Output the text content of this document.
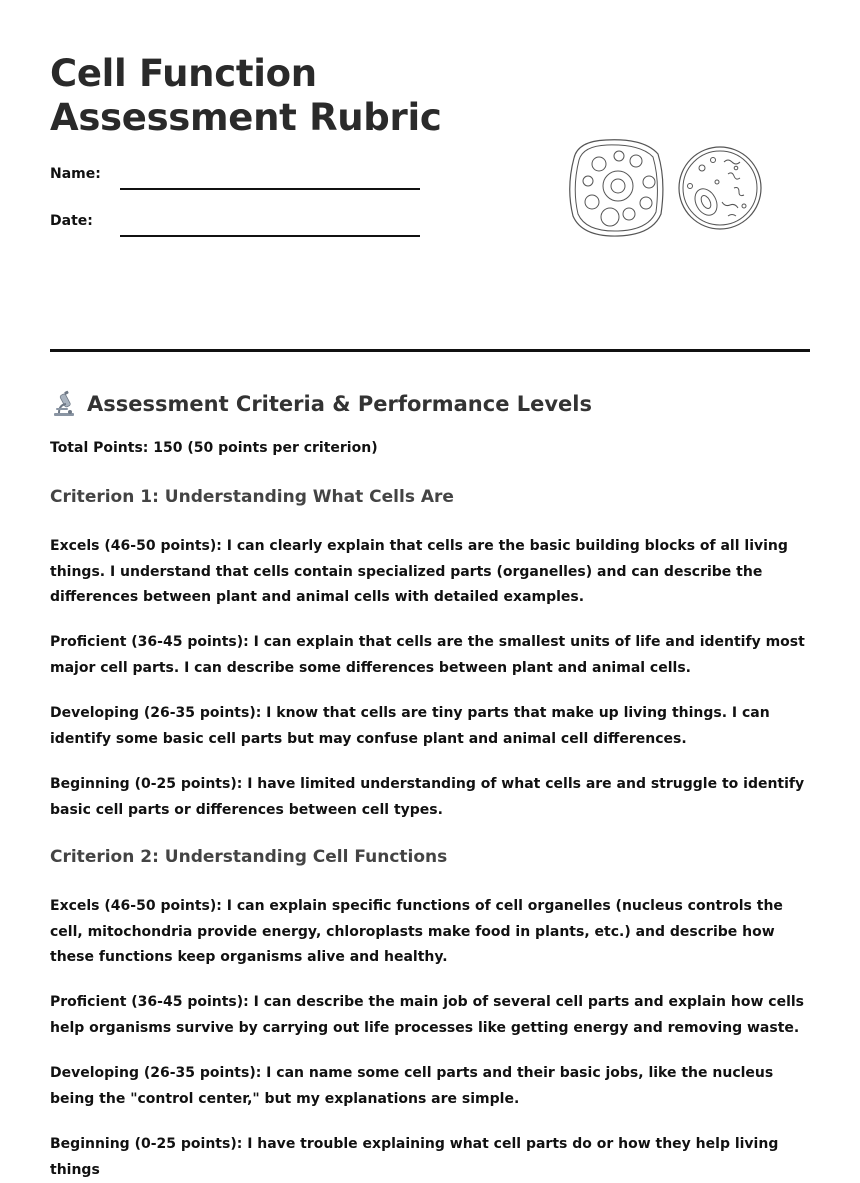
Cell Function
Assessment Rubric
Name:
Date:
Assessment Criteria & Performance Levels
Total Points: 150 (50 points per criterion)
Criterion 1: Understanding What Cells Are

Excels (46-50 points): I can clearly explain that cells are the basic building blocks of all living things. I understand that cells contain specialized parts (organelles) and can describe the differences between plant and animal cells with detailed examples.

Proficient (36-45 points): I can explain that cells are the smallest units of life and identify most major cell parts. I can describe some differences between plant and animal cells.

Developing (26-35 points): I know that cells are tiny parts that make up living things. I can identify some basic cell parts but may confuse plant and animal cell differences.

Beginning (0-25 points): I have limited understanding of what cells are and struggle to identify basic cell parts or differences between cell types.

Criterion 2: Understanding Cell Functions

Excels (46-50 points): I can explain specific functions of cell organelles (nucleus controls the cell, mitochondria provide energy, chloroplasts make food in plants, etc.) and describe how these functions keep organisms alive and healthy.

Proficient (36-45 points): I can describe the main job of several cell parts and explain how cells help organisms survive by carrying out life processes like getting energy and removing waste.

Developing (26-35 points): I can name some cell parts and their basic jobs, like the nucleus being the "control center," but my explanations are simple.

Beginning (0-25 points): I have trouble explaining what cell parts do or how they help living things
